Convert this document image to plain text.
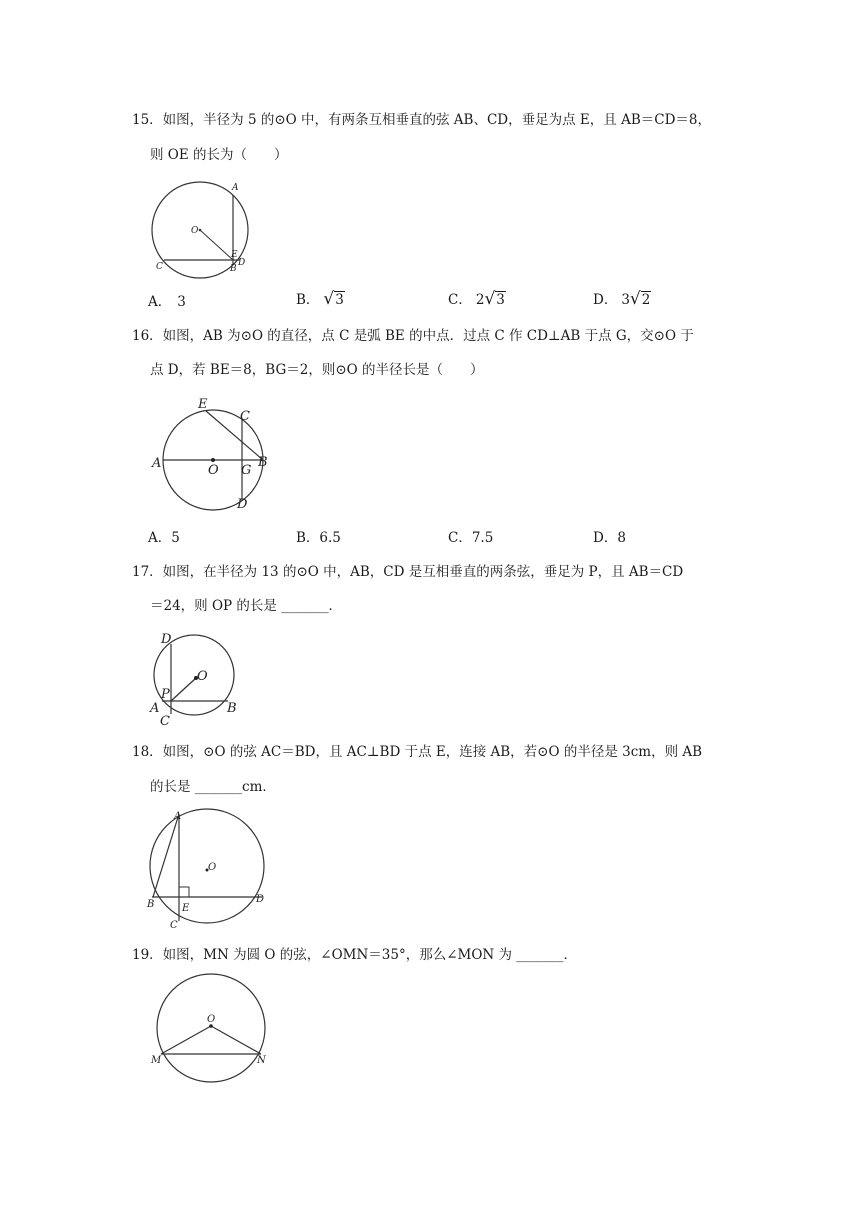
15．如图，半径为 5 的⊙O 中，有两条互相垂直的弦 AB、CD，垂足为点 E，且 AB＝CD＝8，
则 OE 的长为（　　）
A
O
E
C	B
D
A． 3	B． √3	C． 2√3	D． 3√2
16．如图，AB 为⊙O 的直径，点 C 是弧 BE 的中点．过点 C 作 CD⊥AB 于点 G，交⊙O 于
点 D，若 BE＝8，BG＝2，则⊙O 的半径长是（　　）
E
C
A	O G
B
D
A．5	B．6.5	C．7.5	D．8
17．如图，在半径为 13 的⊙O 中，AB，CD 是互相垂直的两条弦，垂足为 P，且 AB＝CD
＝24，则 OP 的长是 _______．
D
O
P
A
C
B
18．如图，⊙O 的弦 AC＝BD，且 AC⊥BD 于点 E，连接 AB，若⊙O 的半径是 3cm，则 AB
的长是 _______cm．
A
O
B	E
D
C
19．如图，MN 为圆 O 的弦，∠OMN＝35°，那么∠MON 为 _______．
O
M	N
